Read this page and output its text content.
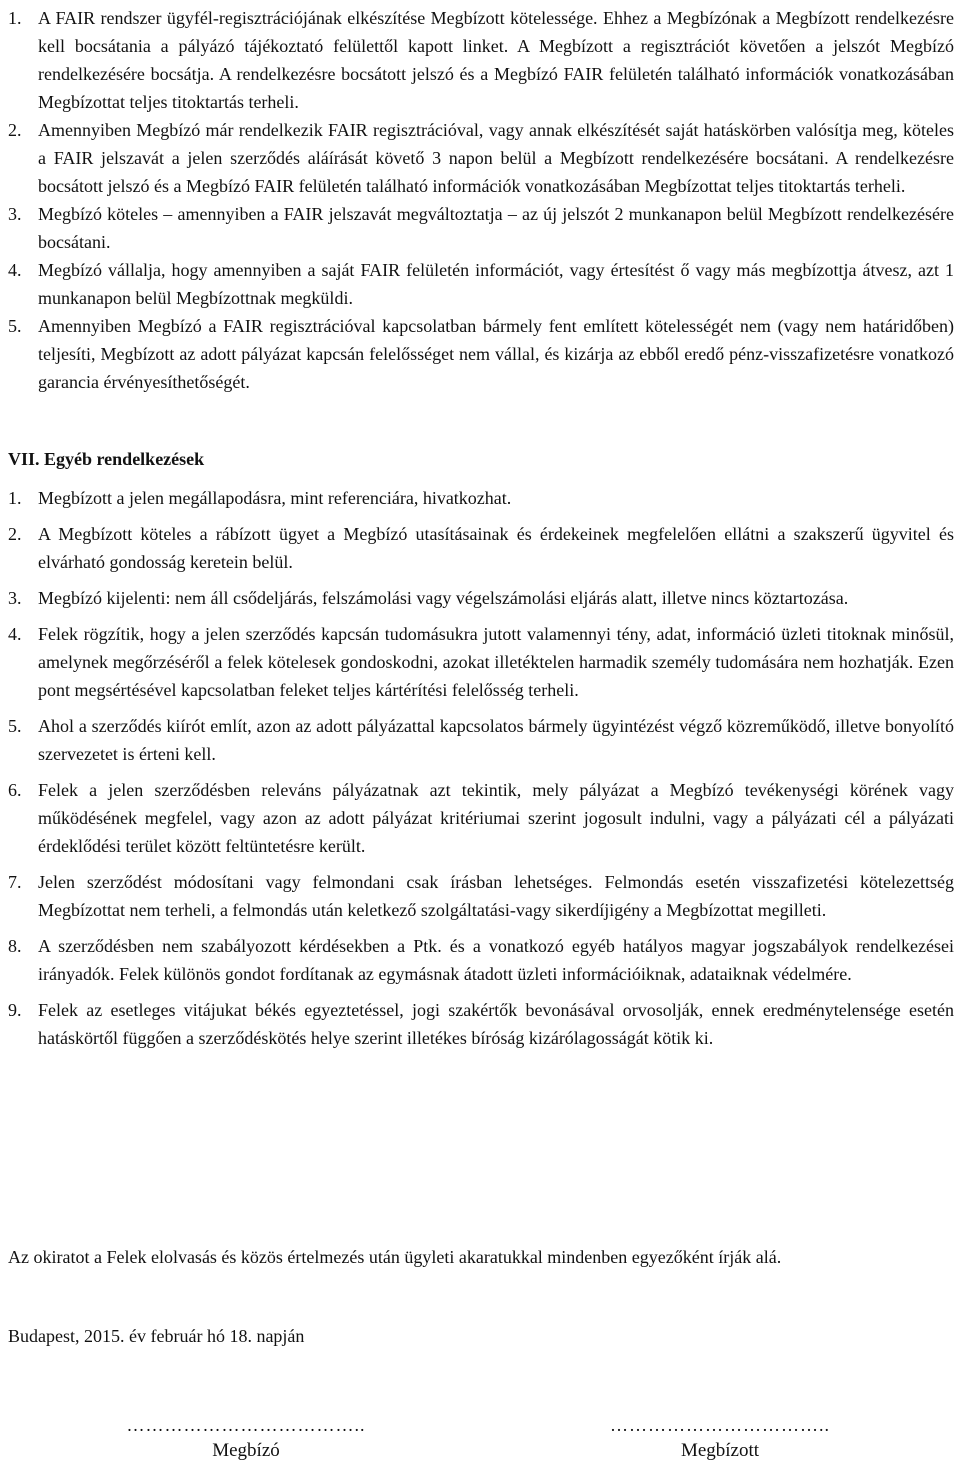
1. A FAIR rendszer ügyfél-regisztrációjának elkészítése Megbízott kötelessége. Ehhez a Megbízónak a Megbízott rendelkezésre kell bocsátania a pályázó tájékoztató felülettől kapott linket. A Megbízott a regisztrációt követően a jelszót Megbízó rendelkezésére bocsátja. A rendelkezésre bocsátott jelszó és a Megbízó FAIR felületén található információk vonatkozásában Megbízottat teljes titoktartás terheli.
2. Amennyiben Megbízó már rendelkezik FAIR regisztrációval, vagy annak elkészítését saját hatáskörben valósítja meg, köteles a FAIR jelszavát a jelen szerződés aláírását követő 3 napon belül a Megbízott rendelkezésére bocsátani. A rendelkezésre bocsátott jelszó és a Megbízó FAIR felületén található információk vonatkozásában Megbízottat teljes titoktartás terheli.
3. Megbízó köteles – amennyiben a FAIR jelszavát megváltoztatja – az új jelszót 2 munkanapon belül Megbízott rendelkezésére bocsátani.
4. Megbízó vállalja, hogy amennyiben a saját FAIR felületén információt, vagy értesítést ő vagy más megbízottja átvesz, azt 1 munkanapon belül Megbízottnak megküldi.
5. Amennyiben Megbízó a FAIR regisztrációval kapcsolatban bármely fent említett kötelességét nem (vagy nem határidőben) teljesíti, Megbízott az adott pályázat kapcsán felelősséget nem vállal, és kizárja az ebből eredő pénz-visszafizetésre vonatkozó garancia érvényesíthetőségét.
VII. Egyéb rendelkezések
1. Megbízott a jelen megállapodásra, mint referenciára, hivatkozhat.
2. A Megbízott köteles a rábízott ügyet a Megbízó utasításainak és érdekeinek megfelelően ellátni a szakszerű ügyvitel és elvárható gondosság keretein belül.
3. Megbízó kijelenti: nem áll csődeljárás, felszámolási vagy végelszámolási eljárás alatt, illetve nincs köztartozása.
4. Felek rögzítik, hogy a jelen szerződés kapcsán tudomásukra jutott valamennyi tény, adat, információ üzleti titoknak minősül, amelynek megőrzéséről a felek kötelesek gondoskodni, azokat illetéktelen harmadik személy tudomására nem hozhatják. Ezen pont megsértésével kapcsolatban feleket teljes kártérítési felelősség terheli.
5. Ahol a szerződés kiírót említ, azon az adott pályázattal kapcsolatos bármely ügyintézést végző közreműködő, illetve bonyolító szervezetet is érteni kell.
6. Felek a jelen szerződésben releváns pályázatnak azt tekintik, mely pályázat a Megbízó tevékenységi körének vagy működésének megfelel, vagy azon az adott pályázat kritériumai szerint jogosult indulni, vagy a pályázati cél a pályázati érdeklődési terület között feltüntetésre került.
7. Jelen szerződést módosítani vagy felmondani csak írásban lehetséges. Felmondás esetén visszafizetési kötelezettség Megbízottat nem terheli, a felmondás után keletkező szolgáltatási-vagy sikerdíjigény a Megbízottat megilleti.
8. A szerződésben nem szabályozott kérdésekben a Ptk. és a vonatkozó egyéb hatályos magyar jogszabályok rendelkezései irányadók. Felek különös gondot fordítanak az egymásnak átadott üzleti információiknak, adataiknak védelmére.
9. Felek az esetleges vitájukat békés egyeztetéssel, jogi szakértők bevonásával orvosolják, ennek eredménytelensége esetén hatáskörtől függően a szerződéskötés helye szerint illetékes bíróság kizárólagosságát kötik ki.
Az okiratot a Felek elolvasás és közös értelmezés után ügyleti akaratukkal mindenben egyezőként írják alá.
Budapest, 2015. év február hó 18. napján
………………………………..
Megbízó
……………………………..
Megbízott
